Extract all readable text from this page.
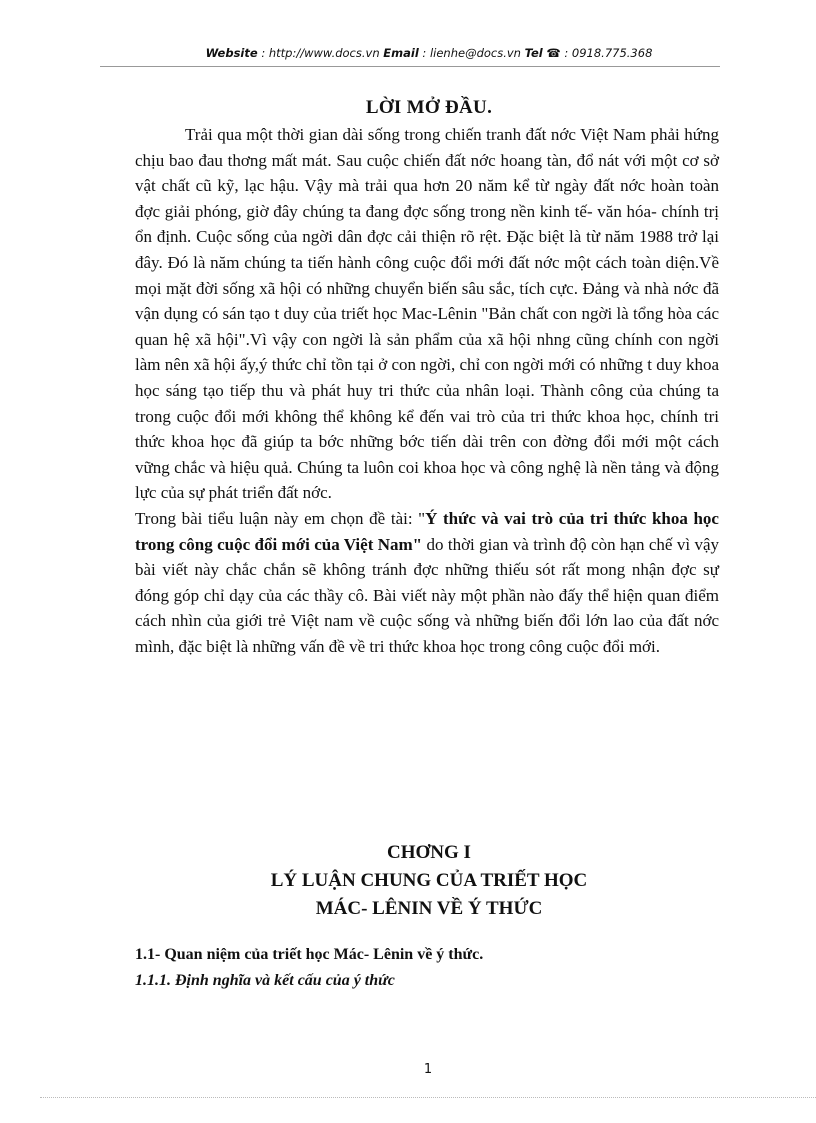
Website : http://www.docs.vn Email : lienhe@docs.vn Tel ☎ : 0918.775.368
LỜI MỞ ĐẦU.

Trải qua một thời gian dài sống trong chiến tranh đất nớc Việt Nam phải hứng chịu bao đau thơng mất mát. Sau cuộc chiến đất nớc hoang tàn, đổ nát với một cơ sở vật chất cũ kỹ, lạc hậu. Vậy mà trải qua hơn 20 năm kể từ ngày đất nớc hoàn toàn đợc giải phóng, giờ đây chúng ta đang đợc sống trong nền kinh tế- văn hóa- chính trị ổn định. Cuộc sống của ngời dân đợc cải thiện rõ rệt. Đặc biệt là từ năm 1988 trở lại đây. Đó là năm chúng ta tiến hành công cuộc đổi mới đất nớc một cách toàn diện.Về mọi mặt đời sống xã hội có những chuyển biến sâu sắc, tích cực. Đảng và nhà nớc đã vận dụng có sán tạo t duy của triết học Mac-Lênin "Bản chất con ngời là tổng hòa các quan hệ xã hội".Vì vậy con ngời là sản phẩm của xã hội nhng cũng chính con ngời làm nên xã hội ấy,ý thức chỉ tồn tại ở con ngời, chỉ con ngời mới có những t duy khoa học sáng tạo tiếp thu và phát huy tri thức của nhân loại. Thành công của chúng ta trong cuộc đổi mới không thể không kể đến vai trò của tri thức khoa học, chính tri thức khoa học đã giúp ta bớc những bớc tiến dài trên con đờng đổi mới một cách vững chắc và hiệu quả. Chúng ta luôn coi khoa học và công nghệ là nền tảng và động lực của sự phát triển đất nớc.

Trong bài tiểu luận này em chọn đề tài: "Ý thức và vai trò của tri thức khoa học trong công cuộc đổi mới của Việt Nam" do thời gian và trình độ còn hạn chế vì vậy bài viết này chắc chắn sẽ không tránh đợc những thiếu sót rất mong nhận đợc sự đóng góp chỉ dạy của các thầy cô. Bài viết này một phần nào đấy thể hiện quan điểm cách nhìn của giới trẻ Việt nam về cuộc sống và những biến đổi lớn lao của đất nớc mình, đặc biệt là những vấn đề về tri thức khoa học trong công cuộc đổi mới.

CHƠNG I
LÝ LUẬN CHUNG CỦA TRIẾT HỌC
MÁC- LÊNIN VỀ Ý THỨC
1.1- Quan niệm của triết học Mác- Lênin về ý thức.
1.1.1. Định nghĩa và kết cấu của ý thức
1
